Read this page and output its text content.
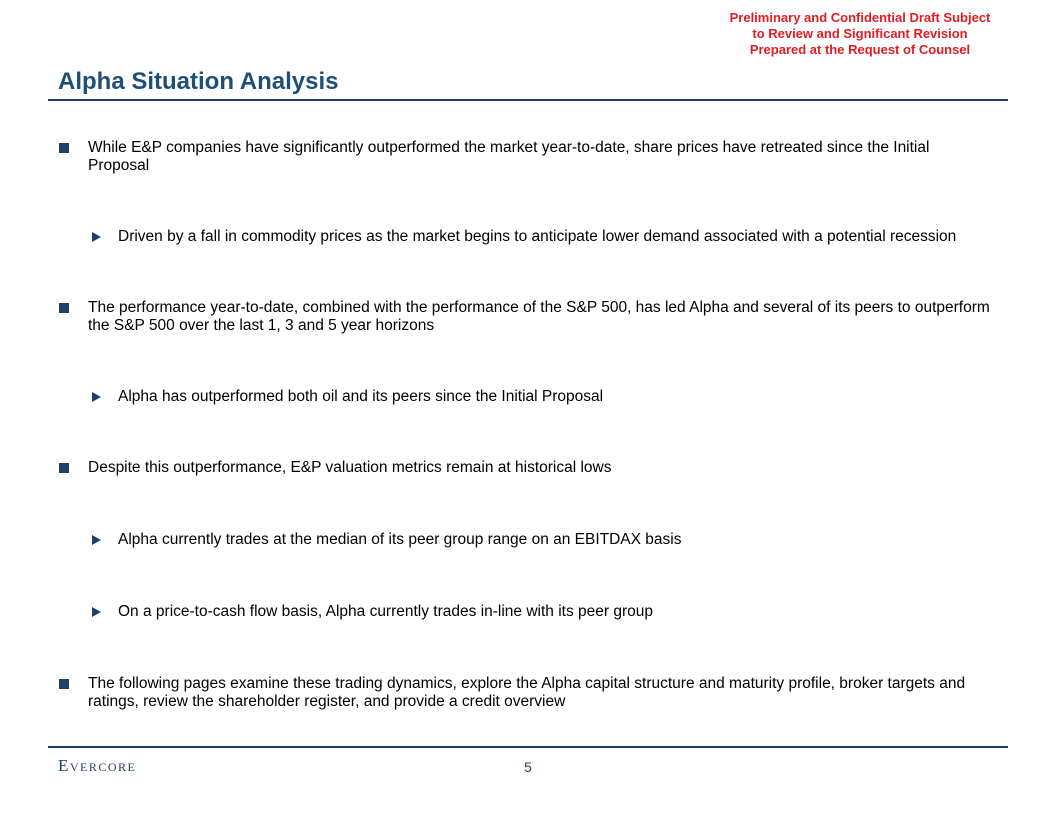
Preliminary and Confidential Draft Subject
to Review and Significant Revision
Prepared at the Request of Counsel
Alpha Situation Analysis
While E&P companies have significantly outperformed the market year-to-date, share prices have retreated since the Initial Proposal
Driven by a fall in commodity prices as the market begins to anticipate lower demand associated with a potential recession
The performance year-to-date, combined with the performance of the S&P 500, has led Alpha and several of its peers to outperform the S&P 500 over the last 1, 3 and 5 year horizons
Alpha has outperformed both oil and its peers since the Initial Proposal
Despite this outperformance, E&P valuation metrics remain at historical lows
Alpha currently trades at the median of its peer group range on an EBITDAX basis
On a price-to-cash flow basis, Alpha currently trades in-line with its peer group
The following pages examine these trading dynamics, explore the Alpha capital structure and maturity profile, broker targets and ratings, review the shareholder register, and provide a credit overview
Evercore	5
